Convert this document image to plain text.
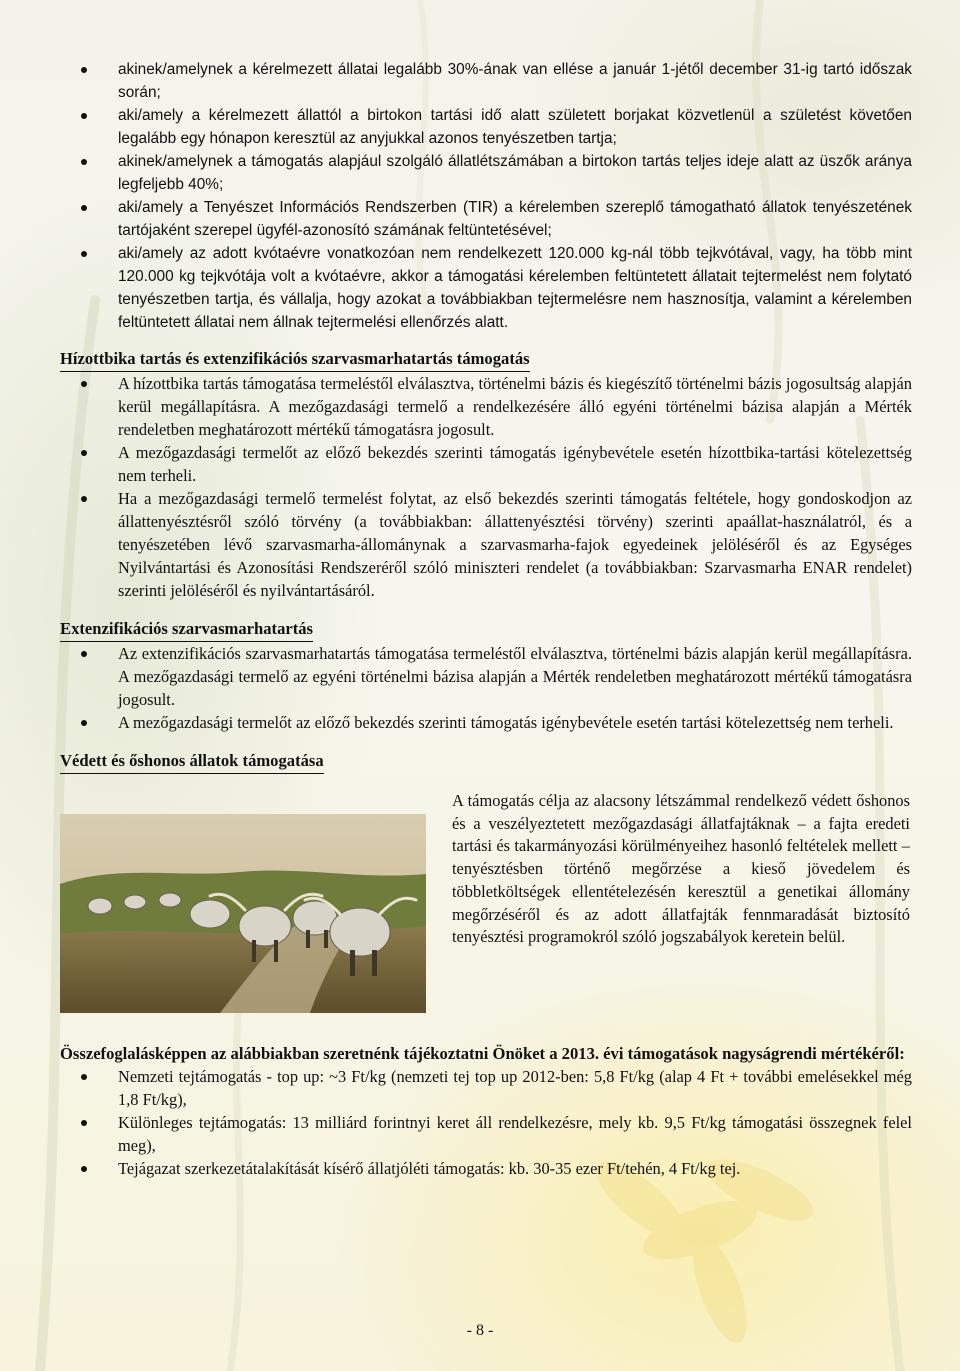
akinek/amelynek a kérelmezett állatai legalább 30%-ának van ellése a január 1-jétől december 31-ig tartó időszak során;
aki/amely a kérelmezett állattól a birtokon tartási idő alatt született borjakat közvetlenül a születést követően legalább egy hónapon keresztül az anyjukkal azonos tenyészetben tartja;
akinek/amelynek a támogatás alapjául szolgáló állatlétszámában a birtokon tartás teljes ideje alatt az üszők aránya legfeljebb 40%;
aki/amely a Tenyészet Információs Rendszerben (TIR) a kérelemben szereplő támogatható állatok tenyészetének tartójaként szerepel ügyfél-azonosító számának feltüntetésével;
aki/amely az adott kvótaévre vonatkozóan nem rendelkezett 120.000 kg-nál több tejkvótával, vagy, ha több mint 120.000 kg tejkvótája volt a kvótaévre, akkor a támogatási kérelemben feltüntetett állatait tejtermelést nem folytató tenyészetben tartja, és vállalja, hogy azokat a továbbiakban tejtermelésre nem hasznosítja, valamint a kérelemben feltüntetett állatai nem állnak tejtermelési ellenőrzés alatt.
Hízottbika tartás és extenzifikációs szarvasmarhatartás támogatás
A hízottbika tartás támogatása termeléstől elválasztva, történelmi bázis és kiegészítő történelmi bázis jogosultság alapján kerül megállapításra. A mezőgazdasági termelő a rendelkezésére álló egyéni történelmi bázisa alapján a Mérték rendeletben meghatározott mértékű támogatásra jogosult.
A mezőgazdasági termelőt az előző bekezdés szerinti támogatás igénybevétele esetén hízottbika-tartási kötelezettség nem terheli.
Ha a mezőgazdasági termelő termelést folytat, az első bekezdés szerinti támogatás feltétele, hogy gondoskodjon az állattenyésztésről szóló törvény (a továbbiakban: állattenyésztési törvény) szerinti apaállat-használatról, és a tenyészetében lévő szarvasmarha-állománynak a szarvasmarha-fajok egyedeinek jelöléséről és az Egységes Nyilvántartási és Azonosítási Rendszeréről szóló miniszteri rendelet (a továbbiakban: Szarvasmarha ENAR rendelet) szerinti jelöléséről és nyilvántartásáról.
Extenzifikációs szarvasmarhatartás
Az extenzifikációs szarvasmarhatartás támogatása termeléstől elválasztva, történelmi bázis alapján kerül megállapításra. A mezőgazdasági termelő az egyéni történelmi bázisa alapján a Mérték rendeletben meghatározott mértékű támogatásra jogosult.
A mezőgazdasági termelőt az előző bekezdés szerinti támogatás igénybevétele esetén tartási kötelezettség nem terheli.
Védett és őshonos állatok támogatása
A támogatás célja az alacsony létszámmal rendelkező védett őshonos és a veszélyeztetett mezőgazdasági állatfajtáknak – a fajta eredeti tartási és takarmányozási körülményeihez hasonló feltételek mellett – tenyésztésben történő megőrzése a kieső jövedelem és többletköltségek ellentételezésén keresztül a genetikai állomány megőrzéséről és az adott állatfajták fennmaradását biztosító tenyésztési programokról szóló jogszabályok keretein belül.
Összefoglalásképpen az alábbiakban szeretnénk tájékoztatni Önöket a 2013. évi támogatások nagyságrendi mértékéről:
Nemzeti tejtámogatás - top up: ~3 Ft/kg (nemzeti tej top up 2012-ben: 5,8 Ft/kg (alap 4 Ft + további emelésekkel még 1,8 Ft/kg),
Különleges tejtámogatás: 13 milliárd forintnyi keret áll rendelkezésre, mely kb. 9,5 Ft/kg támogatási összegnek felel meg),
Tejágazat szerkezetátalakítását kísérő állatjóléti támogatás: kb. 30-35 ezer Ft/tehén, 4 Ft/kg tej.
- 8 -
